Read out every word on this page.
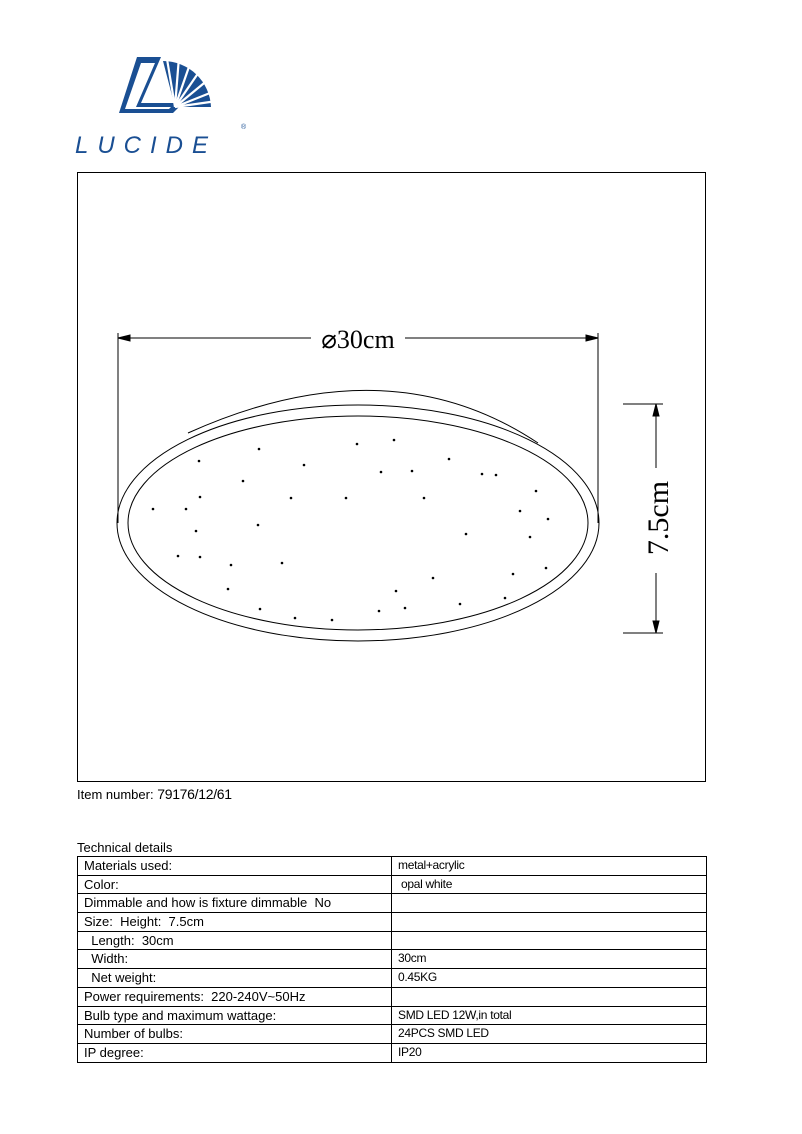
LUCIDE
®
⌀30cm
7.5cm
Item number: 79176/12/61
Technical details
Materials used:	metal+acrylic
Color:	opal white
Dimmable and how is fixture dimmable  No	
Size:  Height:  7.5cm	
Length:  30cm	
Width:	30cm
Net weight:	0.45KG
Power requirements:  220-240V~50Hz	
Bulb type and maximum wattage:	SMD LED 12W,in total
Number of bulbs:	24PCS SMD LED
IP degree:	IP20
